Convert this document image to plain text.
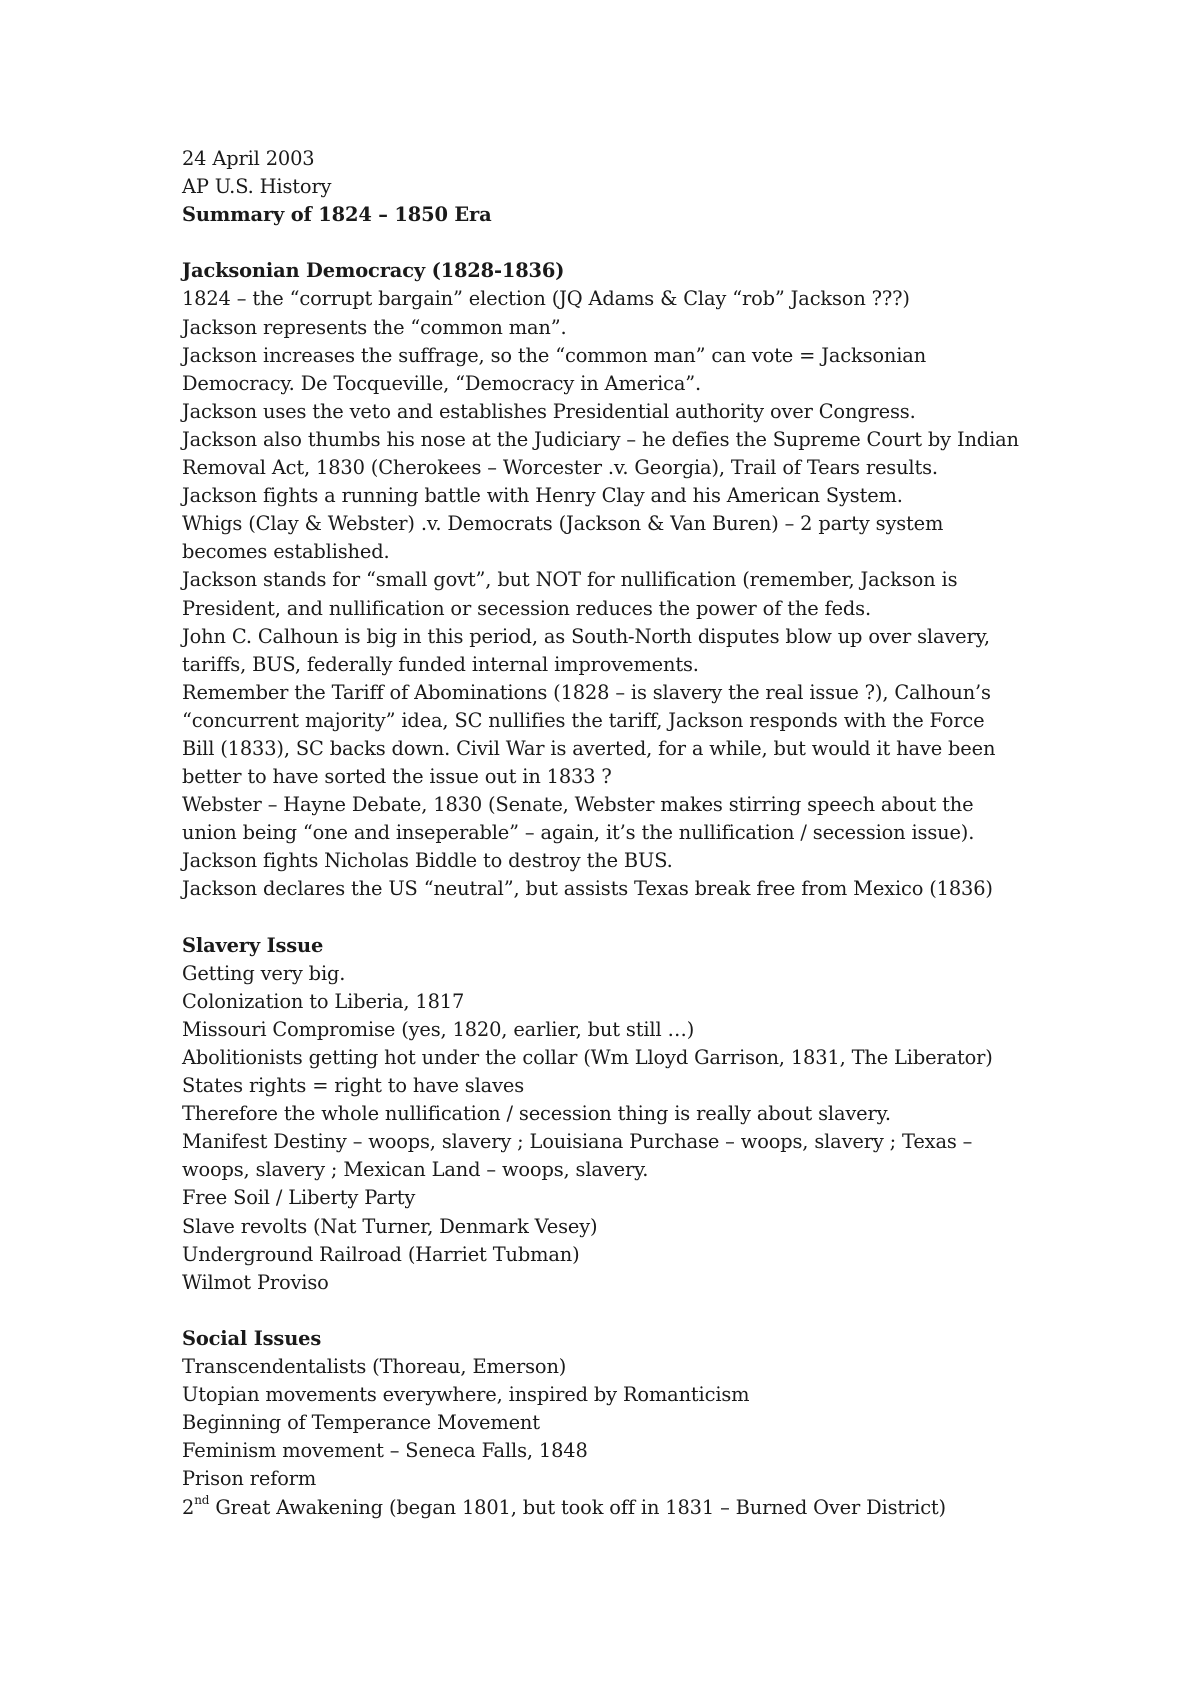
24 April 2003
AP U.S. History
Summary of 1824 – 1850 Era
Jacksonian Democracy (1828-1836)
1824 – the “corrupt bargain” election (JQ Adams & Clay “rob” Jackson ???)
Jackson represents the “common man”.
Jackson increases the suffrage, so the “common man” can vote = Jacksonian
Democracy. De Tocqueville, “Democracy in America”.
Jackson uses the veto and establishes Presidential authority over Congress.
Jackson also thumbs his nose at the Judiciary – he defies the Supreme Court by Indian
Removal Act, 1830 (Cherokees – Worcester .v. Georgia), Trail of Tears results.
Jackson fights a running battle with Henry Clay and his American System.
Whigs (Clay & Webster) .v. Democrats (Jackson & Van Buren) – 2 party system
becomes established.
Jackson stands for “small govt”, but NOT for nullification (remember, Jackson is
President, and nullification or secession reduces the power of the feds.
John C. Calhoun is big in this period, as South-North disputes blow up over slavery,
tariffs, BUS, federally funded internal improvements.
Remember the Tariff of Abominations (1828 – is slavery the real issue ?), Calhoun’s
“concurrent majority” idea, SC nullifies the tariff, Jackson responds with the Force
Bill (1833), SC backs down. Civil War is averted, for a while, but would it have been
better to have sorted the issue out in 1833 ?
Webster – Hayne Debate, 1830 (Senate, Webster makes stirring speech about the
union being “one and inseperable” – again, it’s the nullification / secession issue).
Jackson fights Nicholas Biddle to destroy the BUS.
Jackson declares the US “neutral”, but assists Texas break free from Mexico (1836)
Slavery Issue
Getting very big.
Colonization to Liberia, 1817
Missouri Compromise (yes, 1820, earlier, but still …)
Abolitionists getting hot under the collar (Wm Lloyd Garrison, 1831, The Liberator)
States rights = right to have slaves
Therefore the whole nullification / secession thing is really about slavery.
Manifest Destiny – woops, slavery ; Louisiana Purchase – woops, slavery ; Texas –
woops, slavery ; Mexican Land – woops, slavery.
Free Soil / Liberty Party
Slave revolts (Nat Turner, Denmark Vesey)
Underground Railroad (Harriet Tubman)
Wilmot Proviso
Social Issues
Transcendentalists (Thoreau, Emerson)
Utopian movements everywhere, inspired by Romanticism
Beginning of Temperance Movement
Feminism movement – Seneca Falls, 1848
Prison reform
2nd Great Awakening (began 1801, but took off in 1831 – Burned Over District)
